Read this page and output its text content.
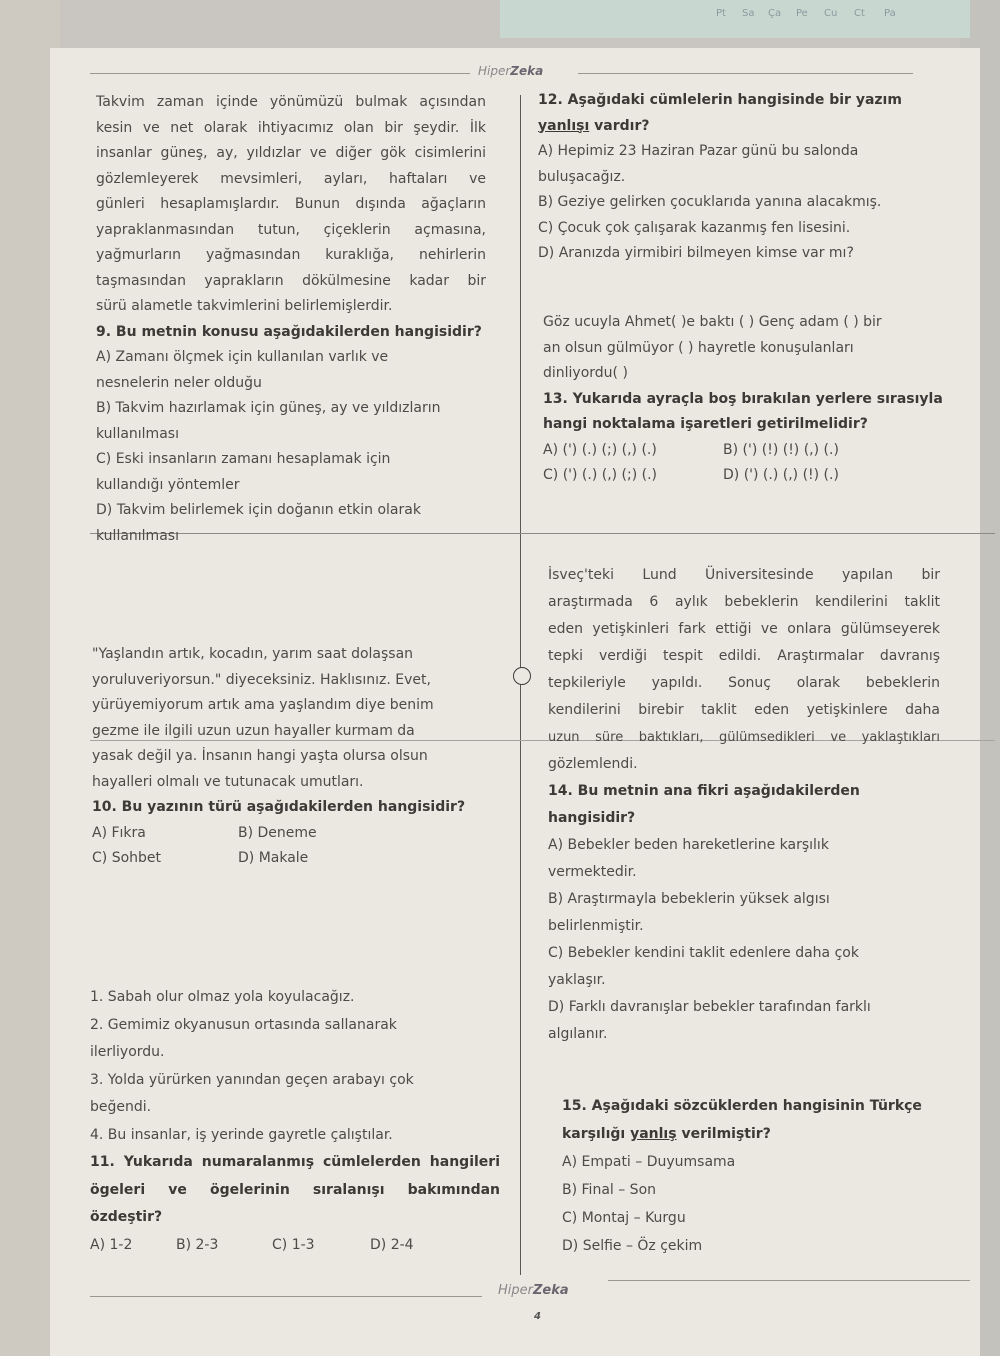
Pt Sa Ça Pe Cu Ct Pa
HiperZeka

Takvim zaman içinde yönümüzü bulmak açısından

kesin ve net olarak ihtiyacımız olan bir şeydir. İlk

insanlar güneş, ay, yıldızlar ve diğer gök cisimlerini

gözlemleyerek mevsimleri, ayları, haftaları ve

günleri hesaplamışlardır. Bunun dışında ağaçların

yapraklanmasından tutun, çiçeklerin açmasına,

yağmurların yağmasından kuraklığa, nehirlerin

taşmasından yaprakların dökülmesine kadar bir

sürü alametle takvimlerini belirlemişlerdir.

9. Bu metnin konusu aşağıdakilerden hangisidir?

A) Zamanı ölçmek için kullanılan varlık ve

nesnelerin neler olduğu

B) Takvim hazırlamak için güneş, ay ve yıldızların

kullanılması

C) Eski insanların zamanı hesaplamak için

kullandığı yöntemler

D) Takvim belirlemek için doğanın etkin olarak

kullanılması

"Yaşlandın artık, kocadın, yarım saat dolaşsan

yoruluveriyorsun." diyeceksiniz. Haklısınız. Evet,

yürüyemiyorum artık ama yaşlandım diye benim

gezme ile ilgili uzun uzun hayaller kurmam da

yasak değil ya. İnsanın hangi yaşta olursa olsun

hayalleri olmalı ve tutunacak umutları.

10. Bu yazının türü aşağıdakilerden hangisidir?

A) Fıkra	B) Deneme
C) Sohbet	D) Makale

1. Sabah olur olmaz yola koyulacağız.

2. Gemimiz okyanusun ortasında sallanarak

ilerliyordu.

3. Yolda yürürken yanından geçen arabayı çok

beğendi.

4. Bu insanlar, iş yerinde gayretle çalıştılar.

11. Yukarıda numaralanmış cümlelerden hangileri

ögeleri ve ögelerinin sıralanışı bakımından

özdeştir?

A) 1-2	B) 2-3	C) 1-3	D) 2-4

12. Aşağıdaki cümlelerin hangisinde bir yazım

yanlışı vardır?

A) Hepimiz 23 Haziran Pazar günü bu salonda

buluşacağız.

B) Geziye gelirken çocuklarıda yanına alacakmış.

C) Çocuk çok çalışarak kazanmış fen lisesini.

D) Aranızda yirmibiri bilmeyen kimse var mı?

Göz ucuyla Ahmet( )e baktı ( ) Genç adam ( ) bir

an olsun gülmüyor ( ) hayretle konuşulanları

dinliyordu( )

13. Yukarıda ayraçla boş bırakılan yerlere sırasıyla

hangi noktalama işaretleri getirilmelidir?

A) (') (.) (;) (,) (.)	B) (') (!) (!) (,) (.)
C) (') (.) (,) (;) (.)	D) (') (.) (,) (!) (.)

İsveç'teki Lund Üniversitesinde yapılan bir

araştırmada 6 aylık bebeklerin kendilerini taklit

eden yetişkinleri fark ettiği ve onlara gülümseyerek

tepki verdiği tespit edildi. Araştırmalar davranış

tepkileriyle yapıldı. Sonuç olarak bebeklerin

kendilerini birebir taklit eden yetişkinlere daha

uzun süre baktıkları, gülümsedikleri ve yaklaştıkları

gözlemlendi.

14. Bu metnin ana fikri aşağıdakilerden

hangisidir?

A) Bebekler beden hareketlerine karşılık

vermektedir.

B) Araştırmayla bebeklerin yüksek algısı

belirlenmiştir.

C) Bebekler kendini taklit edenlere daha çok

yaklaşır.

D) Farklı davranışlar bebekler tarafından farklı

algılanır.

15. Aşağıdaki sözcüklerden hangisinin Türkçe

karşılığı yanlış verilmiştir?

A) Empati – Duyumsama

B) Final – Son

C) Montaj – Kurgu

D) Selfie – Öz çekim

HiperZeka
4
